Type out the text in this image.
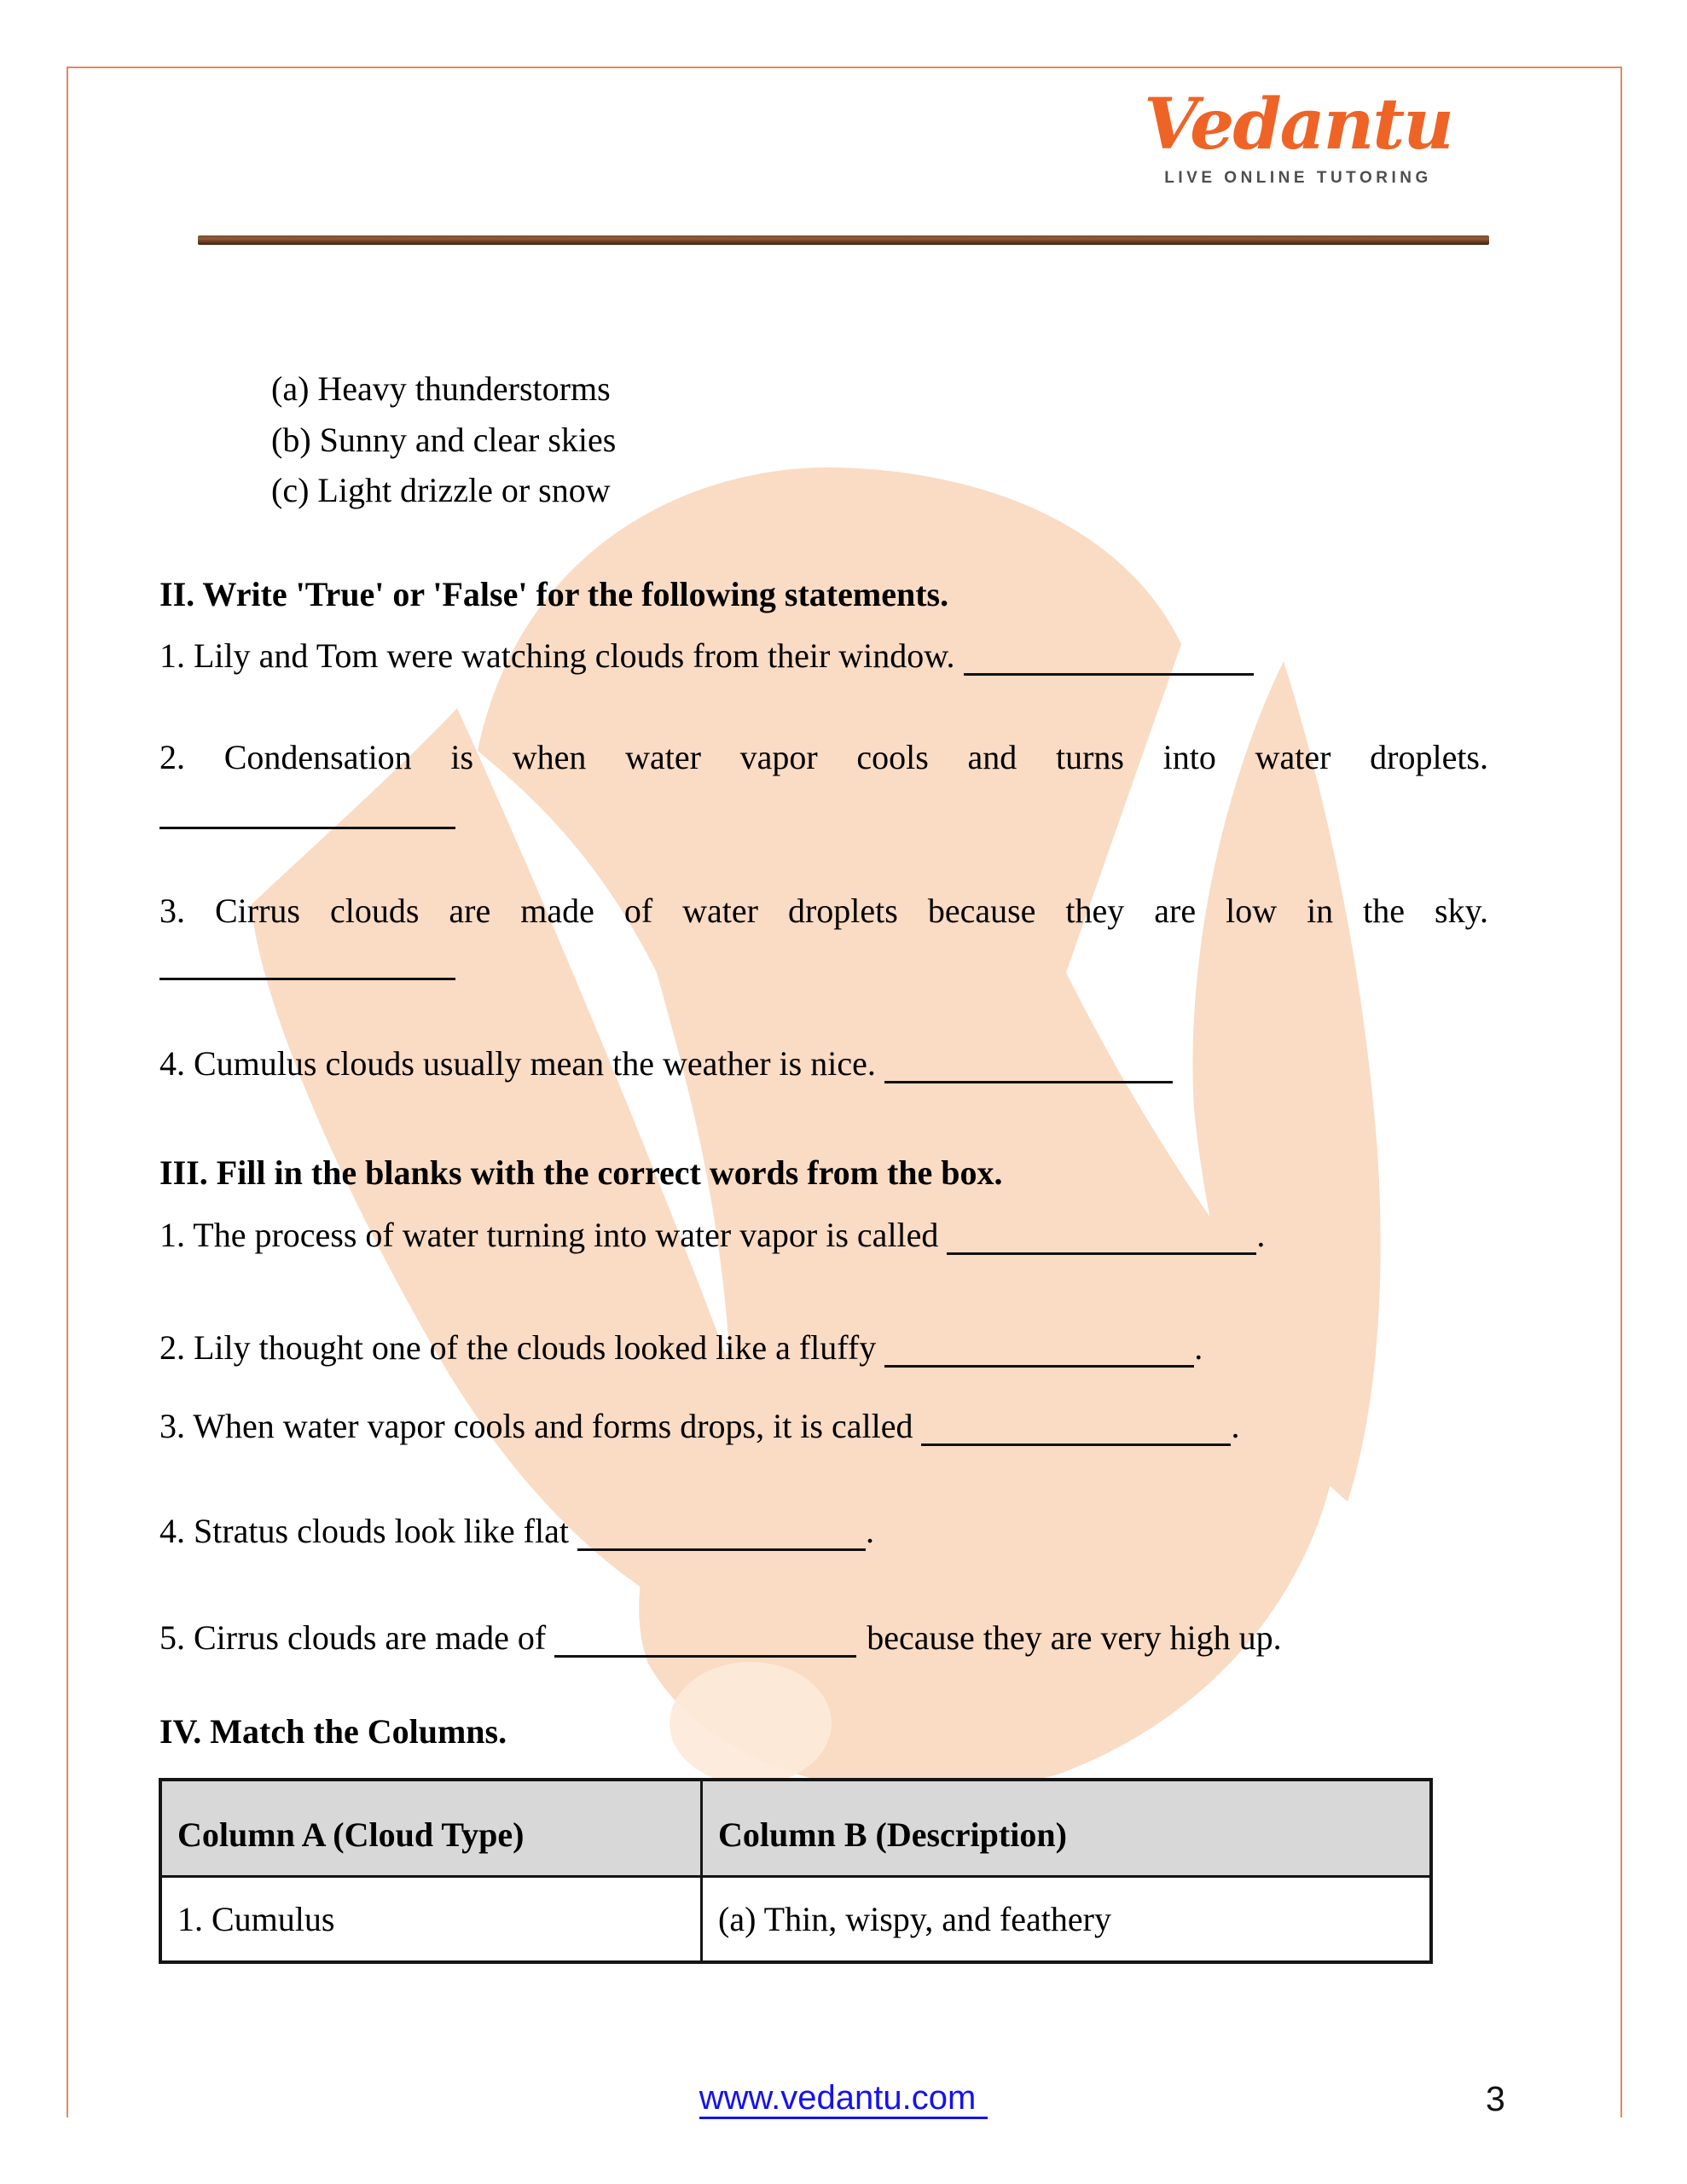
Vedantu
LIVE ONLINE TUTORING
(a) Heavy thunderstorms
(b) Sunny and clear skies
(c) Light drizzle or snow
II. Write 'True' or 'False' for the following statements.
1. Lily and Tom were watching clouds from their window.
2. Condensation is when water vapor cools and turns into water droplets.
3. Cirrus clouds are made of water droplets because they are low in the sky.
4. Cumulus clouds usually mean the weather is nice.
III. Fill in the blanks with the correct words from the box.
1. The process of water turning into water vapor is called	.
2. Lily thought one of the clouds looked like a fluffy	.
3. When water vapor cools and forms drops, it is called	.
4. Stratus clouds look like flat	.
5. Cirrus clouds are made of	because they are very high up.
IV. Match the Columns.
Column A (Cloud Type)	Column B (Description)
1. Cumulus	(a) Thin, wispy, and feathery
www.vedantu.com	3
